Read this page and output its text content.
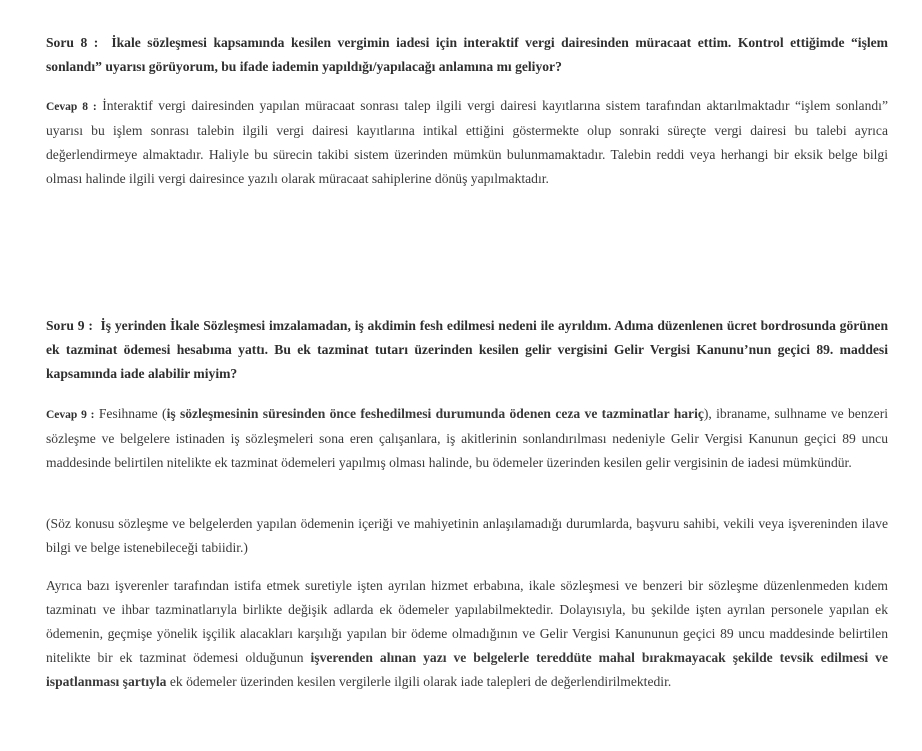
Soru 8 : İkale sözleşmesi kapsamında kesilen vergimin iadesi için interaktif vergi dairesinden müracaat ettim. Kontrol ettiğimde “işlem sonlandı” uyarısı görüyorum, bu ifade iademin yapıldığı/yapılacağı anlamına mı geliyor?

Cevap 8 : İnteraktif vergi dairesinden yapılan müracaat sonrası talep ilgili vergi dairesi kayıtlarına sistem tarafından aktarılmaktadır “işlem sonlandı” uyarısı bu işlem sonrası talebin ilgili vergi dairesi kayıtlarına intikal ettiğini göstermekte olup sonraki süreçte vergi dairesi bu talebi ayrıca değerlendirmeye almaktadır. Haliyle bu sürecin takibi sistem üzerinden mümkün bulunmamaktadır. Talebin reddi veya herhangi bir eksik belge bilgi olması halinde ilgili vergi dairesince yazılı olarak müracaat sahiplerine dönüş yapılmaktadır.

Soru 9 : İş yerinden İkale Sözleşmesi imzalamadan, iş akdimin fesh edilmesi nedeni ile ayrıldım. Adıma düzenlenen ücret bordrosunda görünen ek tazminat ödemesi hesabıma yattı. Bu ek tazminat tutarı üzerinden kesilen gelir vergisini Gelir Vergisi Kanunu’nun geçici 89. maddesi kapsamında iade alabilir miyim?

Cevap 9 : Fesihname (iş sözleşmesinin süresinden önce feshedilmesi durumunda ödenen ceza ve tazminatlar hariç), ibraname, sulhname ve benzeri sözleşme ve belgelere istinaden iş sözleşmeleri sona eren çalışanlara, iş akitlerinin sonlandırılması nedeniyle Gelir Vergisi Kanunun geçici 89 uncu maddesinde belirtilen nitelikte ek tazminat ödemeleri yapılmış olması halinde, bu ödemeler üzerinden kesilen gelir vergisinin de iadesi mümkündür.

(Söz konusu sözleşme ve belgelerden yapılan ödemenin içeriği ve mahiyetinin anlaşılamadığı durumlarda, başvuru sahibi, vekili veya işvereninden ilave bilgi ve belge istenebileceği tabiidir.)

Ayrıca bazı işverenler tarafından istifa etmek suretiyle işten ayrılan hizmet erbabına, ikale sözleşmesi ve benzeri bir sözleşme düzenlenmeden kıdem tazminatı ve ihbar tazminatlarıyla birlikte değişik adlarda ek ödemeler yapılabilmektedir. Dolayısıyla, bu şekilde işten ayrılan personele yapılan ek ödemenin, geçmişe yönelik işçilik alacakları karşılığı yapılan bir ödeme olmadığının ve Gelir Vergisi Kanununun geçici 89 uncu maddesinde belirtilen nitelikte bir ek tazminat ödemesi olduğunun işverenden alınan yazı ve belgelerle tereddüte mahal bırakmayacak şekilde tevsik edilmesi ve ispatlanması şartıyla ek ödemeler üzerinden kesilen vergilerle ilgili olarak iade talepleri de değerlendirilmektedir.
